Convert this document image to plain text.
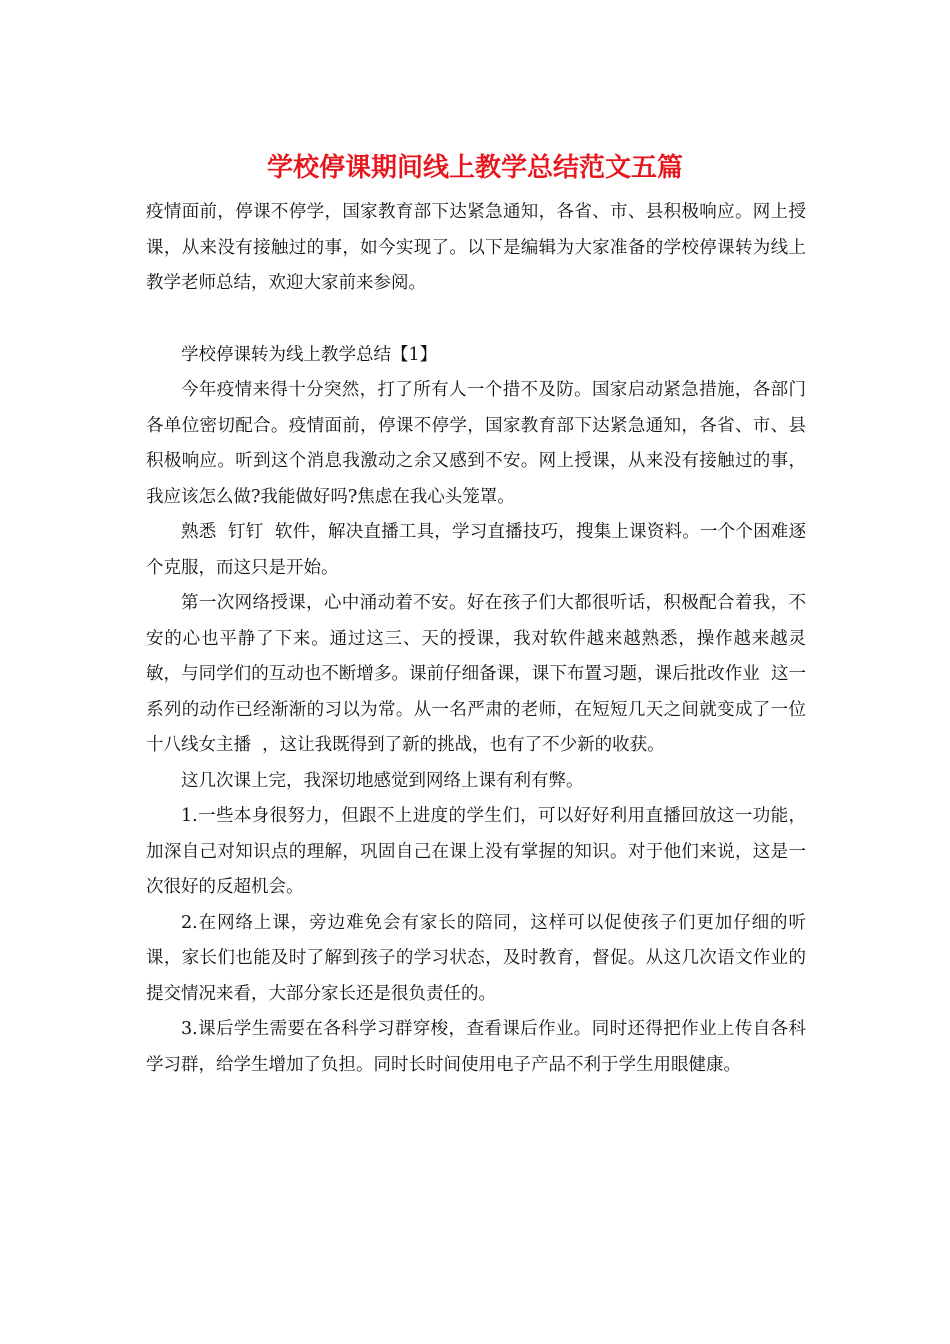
学校停课期间线上教学总结范文五篇

疫情面前，停课不停学，国家教育部下达紧急通知，各省、市、县积极响应。网上授课，从来没有接触过的事，如今实现了。以下是编辑为大家准备的学校停课转为线上教学老师总结，欢迎大家前来参阅。

学校停课转为线上教学总结【1】

今年疫情来得十分突然，打了所有人一个措不及防。国家启动紧急措施，各部门各单位密切配合。疫情面前，停课不停学，国家教育部下达紧急通知，各省、市、县积极响应。听到这个消息我激动之余又感到不安。网上授课，从来没有接触过的事，我应该怎么做?我能做好吗?焦虑在我心头笼罩。

熟悉  钉钉  软件，解决直播工具，学习直播技巧，搜集上课资料。一个个困难逐个克服，而这只是开始。

第一次网络授课，心中涌动着不安。好在孩子们大都很听话，积极配合着我，不安的心也平静了下来。通过这三、天的授课，我对软件越来越熟悉，操作越来越灵敏，与同学们的互动也不断增多。课前仔细备课，课下布置习题，课后批改作业  这一系列的动作已经渐渐的习以为常。从一名严肃的老师，在短短几天之间就变成了一位  十八线女主播  ，这让我既得到了新的挑战，也有了不少新的收获。

这几次课上完，我深切地感觉到网络上课有利有弊。

1.一些本身很努力，但跟不上进度的学生们，可以好好利用直播回放这一功能，加深自己对知识点的理解，巩固自己在课上没有掌握的知识。对于他们来说，这是一次很好的反超机会。

2.在网络上课，旁边难免会有家长的陪同，这样可以促使孩子们更加仔细的听课，家长们也能及时了解到孩子的学习状态，及时教育，督促。从这几次语文作业的提交情况来看，大部分家长还是很负责任的。

3.课后学生需要在各科学习群穿梭，查看课后作业。同时还得把作业上传自各科学习群，给学生增加了负担。同时长时间使用电子产品不利于学生用眼健康。
